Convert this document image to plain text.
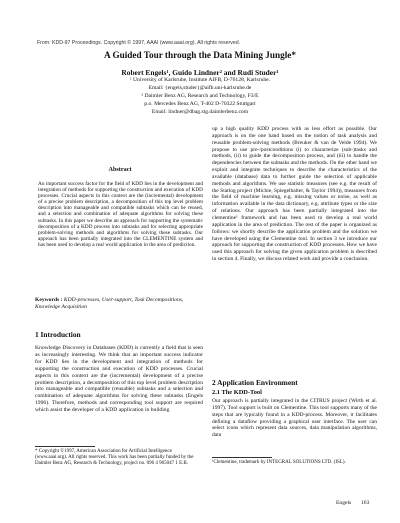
From: KDD-97 Proceedings. Copyright © 1997, AAAI (www.aaai.org). All rights reserved.
A Guided Tour through the Data Mining Jungle*
Robert Engels¹, Guido Lindner² and Rudi Studer¹
¹ University of Karlsruhe, Institute AIFB, D-76128, Karlsruhe.
Email: {engels,studer}@aifb.uni-karlsruhe.de
² Daimler Benz AG, Research and Technology, F3/E
p.o. Mercedes Benz AG, T-402 D-70322 Stuttgart
Email: lindner@dbag.stg.daimlerbenz.com
Abstract

An important success factor for the field of KDD lies in the development and integration of methods for supporting the construction and execution of KDD processes. Crucial aspects in this context are the (incremental) development of a precise problem description, a decomposition of this top level problem description into manageable and compatible subtasks which can be reused, and a selection and combination of adequate algorithms for solving these subtasks. In this paper we describe an approach for supporting the systematic decomposition of a KDD process into subtasks and for selecting appropriate problem-solving methods and algorithms for solving these subtasks. Our approach has been partially integrated into the CLEMENTINE system and has been used to develop a real world application in the area of prediction.

Keywords : KDD-processes, User-support, Task Decompositions, Knowledge Acquisition
1 Introduction

Knowledge Discovery in Databases (KDD) is currently a field that is seen as increasingly interesting. We think that an important success indicator for KDD lies in the development and integration of methods for supporting the construction and execution of KDD processes. Crucial aspects in this context are the (incremental) development of a precise problem description, a decomposition of this top level problem description into manageable and compatible (reusable) subtasks and a selection and combination of adequate algorithms for solving these subtasks (Engels 1996). Therefore, methods and corresponding tool support are required which assist the developer of a KDD application in building

* Copyright ©1997, American Association for Artificial Intelligence (www.aaai.org). All rights reserved. This work has been partially funded by the Daimler Benz AG, Research & Technology, project no. 096 4 965047 1 E.B.

up a high quality KDD process with as less effort as possible. Our approach is on the one hand based on the notion of task analysis and reusable problem-solving methods (Breuker & van de Velde 1994). We propose to use pre-/postconditions (i) to characterize (sub-)tasks and methods, (ii) to guide the decomposition process, and (iii) to handle the dependencies between the subtasks and the methods. On the other hand we exploit and integrate techniques to describe the characteristics of the available (database) data to further guide the selection of applicable methods and algorithms. We use statistic measures (see e.g. the result of the Statlog project (Michie, Spiegelhalter, & Taylor 1994)), measures from the field of machine learning, e.g. missing values or noise, as well as information available in the data dictionary, e.g. attribute types or the size of relations. Our approach has been partially integrated into the clementine¹ framework and has been used to develop a real world application in the area of prediction. The rest of the paper is organized as follows: we shortly describe the application problem and the solution we have developed using the Clementine tool. In section 3 we introduce our approach for supporting the construction of KDD processes. How we have used this approach for solving the given application problem is described in section 4. Finally, we discuss related work and provide a conclusion.

2 Application Environment
2.1 The KDD-Tool

Our approach is partially integrated in the CITRUS project (Wirth et al. 1997). Tool support is built on Clementine. This tool supports many of the steps that are typically found in a KDD-process. Moreover, it facilitates defining a dataflow providing a graphical user interface. The user can select icons which represent data sources, data manipulation algorithms, data

¹Clementine, trademark by INTEGRAL SOLUTIONS LTD. (ISL).
Engels 163
